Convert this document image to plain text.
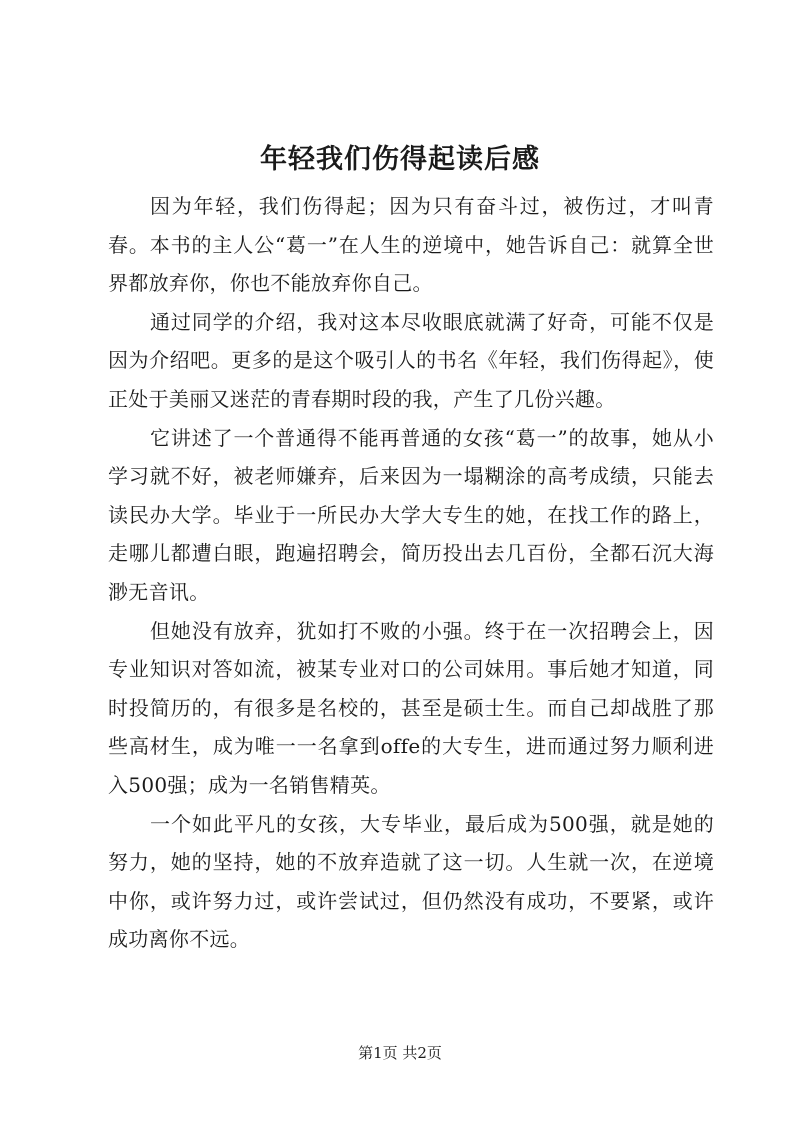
年轻我们伤得起读后感

因为年轻，我们伤得起；因为只有奋斗过，被伤过，才叫青春。本书的主人公“葛一”在人生的逆境中，她告诉自己：就算全世界都放弃你，你也不能放弃你自己。

通过同学的介绍，我对这本尽收眼底就满了好奇，可能不仅是因为介绍吧。更多的是这个吸引人的书名《年轻，我们伤得起》，使正处于美丽又迷茫的青春期时段的我，产生了几份兴趣。

它讲述了一个普通得不能再普通的女孩“葛一”的故事，她从小学习就不好，被老师嫌弃，后来因为一塌糊涂的高考成绩，只能去读民办大学。毕业于一所民办大学大专生的她，在找工作的路上，走哪儿都遭白眼，跑遍招聘会，简历投出去几百份，全都石沉大海渺无音讯。

但她没有放弃，犹如打不败的小强。终于在一次招聘会上，因专业知识对答如流，被某专业对口的公司妹用。事后她才知道，同时投简历的，有很多是名校的，甚至是硕士生。而自己却战胜了那些高材生，成为唯一一名拿到offe的大专生，进而通过努力顺利进入500强；成为一名销售精英。

一个如此平凡的女孩，大专毕业，最后成为500强，就是她的努力，她的坚持，她的不放弃造就了这一切。人生就一次，在逆境中你，或许努力过，或许尝试过，但仍然没有成功，不要紧，或许成功离你不远。

第1页 共2页
